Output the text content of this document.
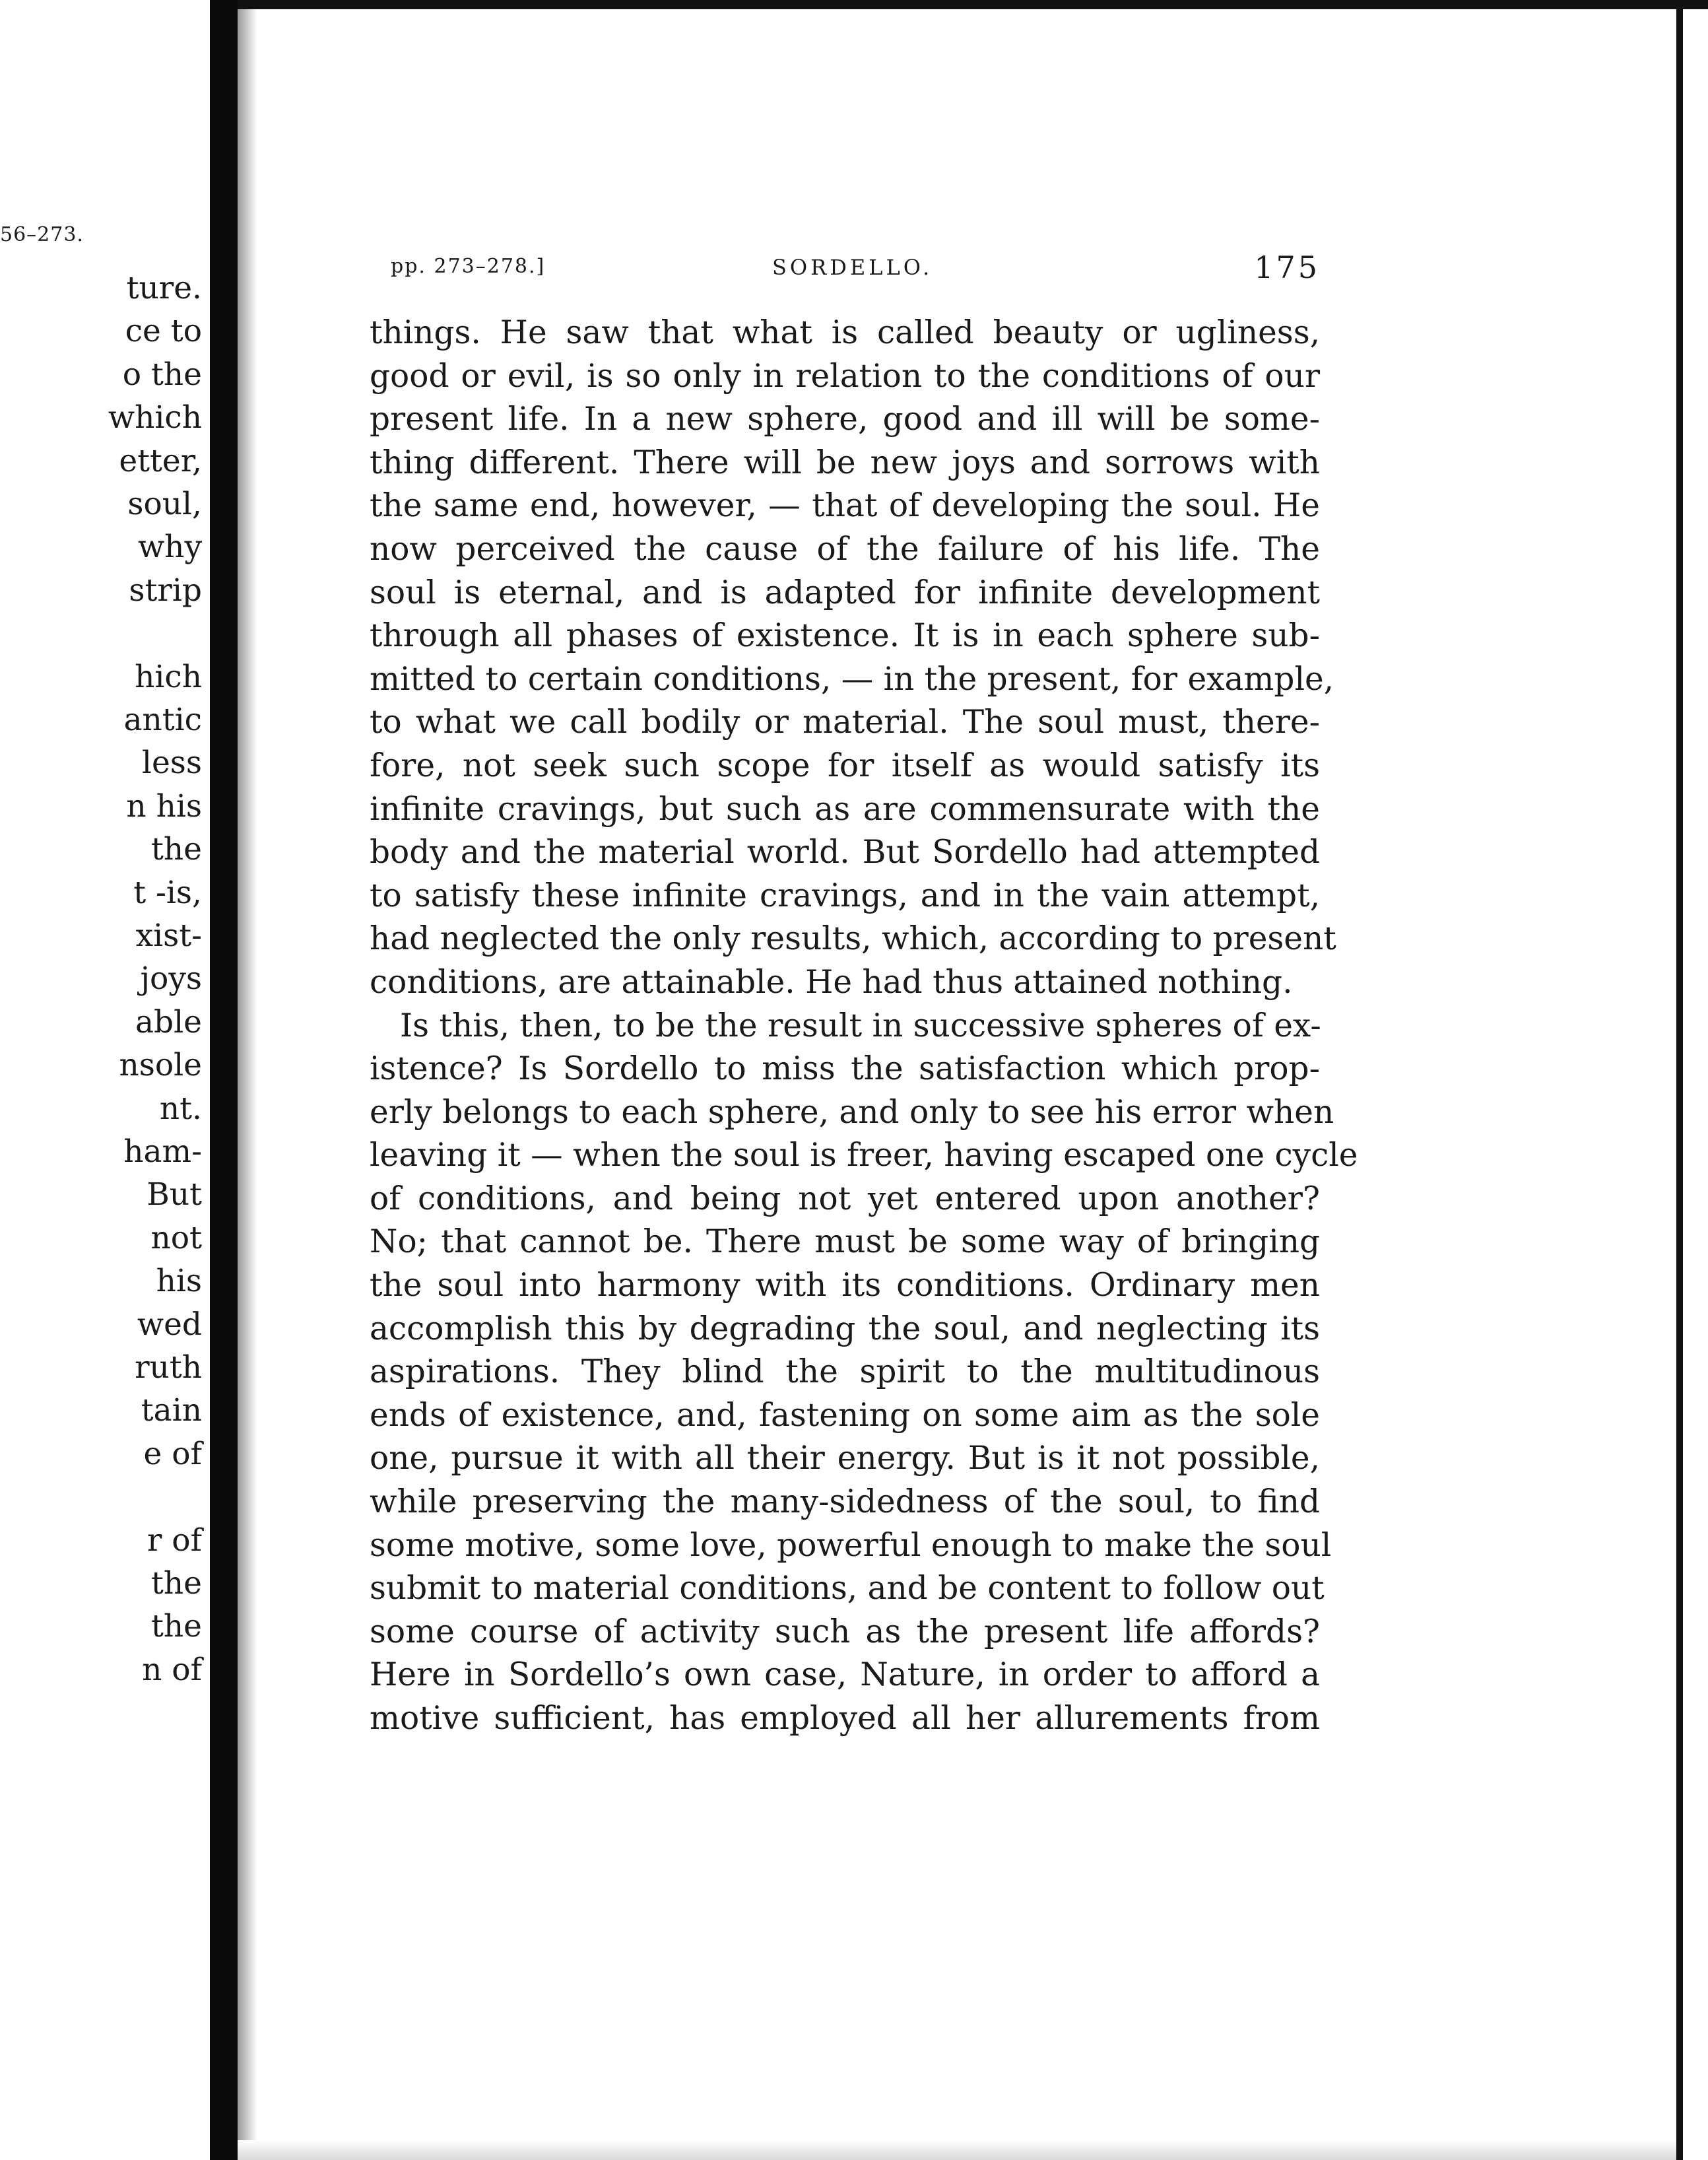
56–273.
ture.
ce to
o the
which
etter,
soul,
why
strip
hich
antic
less
n his
the
t -is,
xist-
joys
able
nsole
nt.
ham-
But
not
his
wed
ruth
tain
e of
r of
the
the
n of
pp. 273–278.]	SORDELLO.	175
things. He saw that what is called beauty or ugliness,
good or evil, is so only in relation to the conditions of our
present life. In a new sphere, good and ill will be some-
thing different. There will be new joys and sorrows with
the same end, however, — that of developing the soul. He
now perceived the cause of the failure of his life. The
soul is eternal, and is adapted for infinite development
through all phases of existence. It is in each sphere sub-
mitted to certain conditions, — in the present, for example,
to what we call bodily or material. The soul must, there-
fore, not seek such scope for itself as would satisfy its
infinite cravings, but such as are commensurate with the
body and the material world. But Sordello had attempted
to satisfy these infinite cravings, and in the vain attempt,
had neglected the only results, which, according to present
conditions, are attainable. He had thus attained nothing.
Is this, then, to be the result in successive spheres of ex-
istence? Is Sordello to miss the satisfaction which prop-
erly belongs to each sphere, and only to see his error when
leaving it — when the soul is freer, having escaped one cycle
of conditions, and being not yet entered upon another?
No; that cannot be. There must be some way of bringing
the soul into harmony with its conditions. Ordinary men
accomplish this by degrading the soul, and neglecting its
aspirations. They blind the spirit to the multitudinous
ends of existence, and, fastening on some aim as the sole
one, pursue it with all their energy. But is it not possible,
while preserving the many-sidedness of the soul, to find
some motive, some love, powerful enough to make the soul
submit to material conditions, and be content to follow out
some course of activity such as the present life affords?
Here in Sordello’s own case, Nature, in order to afford a
motive sufficient, has employed all her allurements from
